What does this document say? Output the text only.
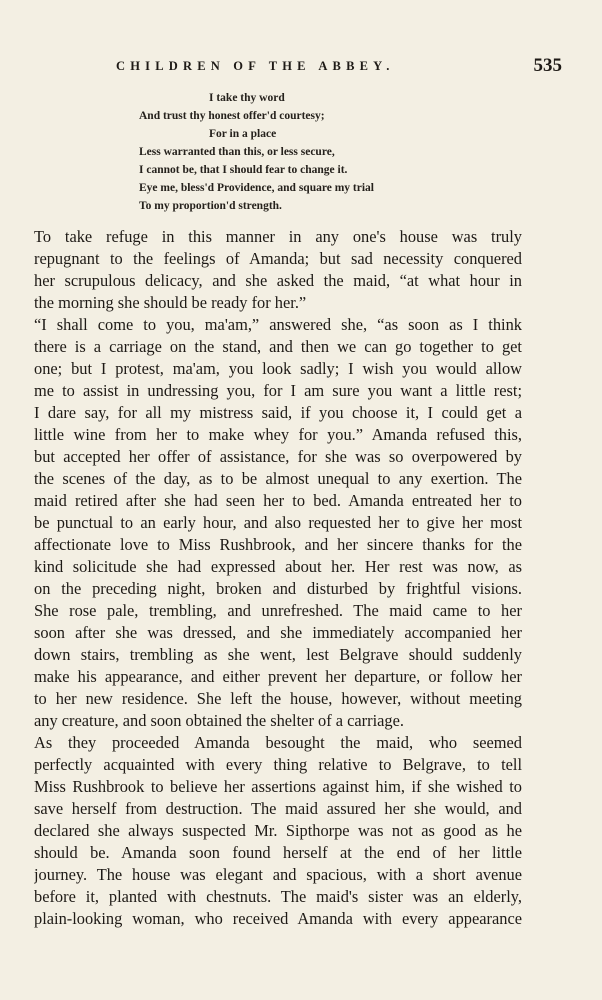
CHILDREN OF THE ABBEY.	535
I take thy word
And trust thy honest offer'd courtesy;
For in a place
Less warranted than this, or less secure,
I cannot be, that I should fear to change it.
Eye me, bless'd Providence, and square my trial
To my proportion'd strength.
To take refuge in this manner in any one's house was truly
repugnant to the feelings of Amanda; but sad necessity conquered
her scrupulous delicacy, and she asked the maid, “at what hour in
the morning she should be ready for her.”
“I shall come to you, ma'am,” answered she, “as soon as I think
there is a carriage on the stand, and then we can go together to get
one; but I protest, ma'am, you look sadly; I wish you would allow
me to assist in undressing you, for I am sure you want a little rest;
I dare say, for all my mistress said, if you choose it, I could get a
little wine from her to make whey for you.” Amanda refused this,
but accepted her offer of assistance, for she was so overpowered by
the scenes of the day, as to be almost unequal to any exertion. The
maid retired after she had seen her to bed. Amanda entreated her to
be punctual to an early hour, and also requested her to give her most
affectionate love to Miss Rushbrook, and her sincere thanks for the
kind solicitude she had expressed about her. Her rest was now, as
on the preceding night, broken and disturbed by frightful visions.
She rose pale, trembling, and unrefreshed. The maid came to her
soon after she was dressed, and she immediately accompanied her
down stairs, trembling as she went, lest Belgrave should suddenly
make his appearance, and either prevent her departure, or follow her
to her new residence. She left the house, however, without meeting
any creature, and soon obtained the shelter of a carriage.
As they proceeded Amanda besought the maid, who seemed
perfectly acquainted with every thing relative to Belgrave, to tell
Miss Rushbrook to believe her assertions against him, if she wished to
save herself from destruction. The maid assured her she would, and
declared she always suspected Mr. Sipthorpe was not as good as he
should be. Amanda soon found herself at the end of her little
journey. The house was elegant and spacious, with a short avenue
before it, planted with chestnuts. The maid's sister was an elderly,
plain-looking woman, who received Amanda with every appearance
